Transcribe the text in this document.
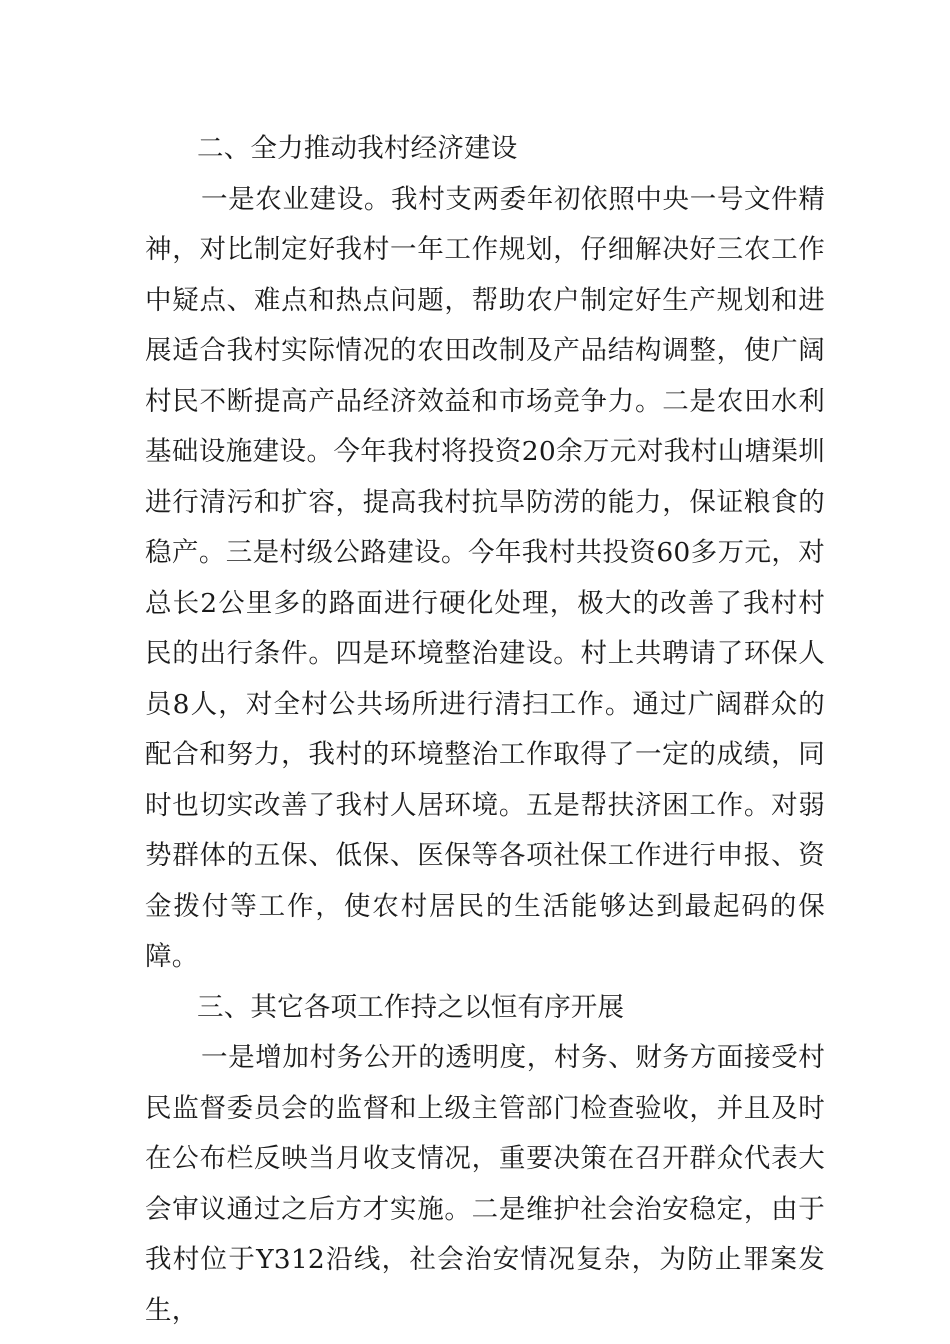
二、全力推动我村经济建设

一是农业建设。我村支两委年初依照中央一号文件精神，对比制定好我村一年工作规划，仔细解决好三农工作中疑点、难点和热点问题，帮助农户制定好生产规划和进展适合我村实际情况的农田改制及产品结构调整，使广阔村民不断提高产品经济效益和市场竞争力。二是农田水利基础设施建设。今年我村将投资20余万元对我村山塘渠圳进行清污和扩容，提高我村抗旱防涝的能力，保证粮食的稳产。三是村级公路建设。今年我村共投资60多万元，对总长2公里多的路面进行硬化处理，极大的改善了我村村民的出行条件。四是环境整治建设。村上共聘请了环保人员8人，对全村公共场所进行清扫工作。通过广阔群众的配合和努力，我村的环境整治工作取得了一定的成绩，同时也切实改善了我村人居环境。五是帮扶济困工作。对弱势群体的五保、低保、医保等各项社保工作进行申报、资金拨付等工作，使农村居民的生活能够达到最起码的保障。

三、其它各项工作持之以恒有序开展

一是增加村务公开的透明度，村务、财务方面接受村民监督委员会的监督和上级主管部门检查验收，并且及时在公布栏反映当月收支情况，重要决策在召开群众代表大会审议通过之后方才实施。二是维护社会治安稳定，由于我村位于Y312沿线，社会治安情况复杂，为防止罪案发生，
